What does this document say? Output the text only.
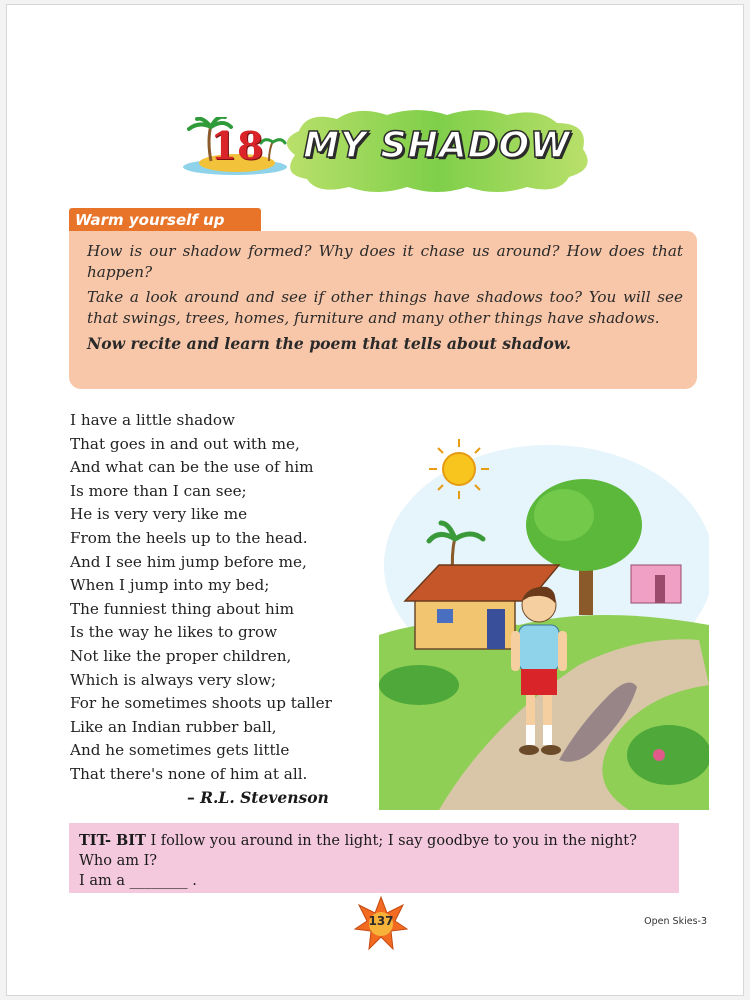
18	MY SHADOW
Warm yourself up

How is our shadow formed? Why does it chase us around? How does that happen?

Take a look around and see if other things have shadows too? You will see that swings, trees, homes, furniture and many other things have shadows.

Now recite and learn the poem that tells about shadow.

I have a little shadow
That goes in and out with me,
And what can be the use of him
Is more than I can see;
He is very very like me
From the heels up to the head.
And I see him jump before me,
When I jump into my bed;
The funniest thing about him
Is the way he likes to grow
Not like the proper children,
Which is always very slow;
For he sometimes shoots up taller
Like an Indian rubber ball,
And he sometimes gets little
That there's none of him at all.
– R.L. Stevenson
TIT- BIT I follow you around in the light; I say goodbye to you in the night?
Who am I?
I am a ________ .
137	Open Skies-3
